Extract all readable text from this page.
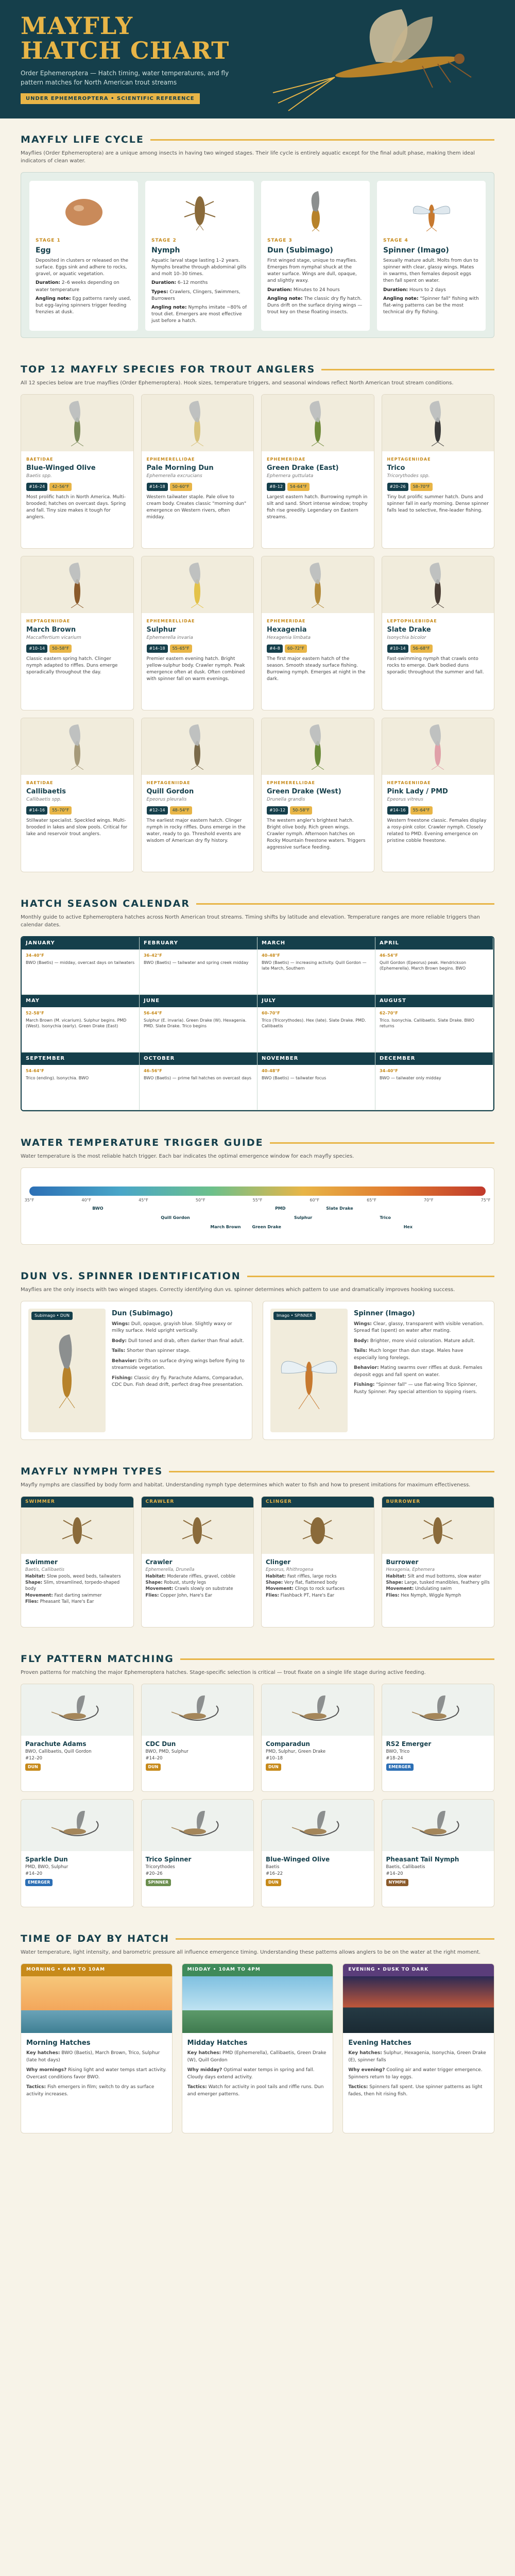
MAYFLY
HATCH CHART
Order Ephemeroptera — Hatch timing, water temperatures, and fly pattern matches for North American trout streams
UNDER EPHEMEROPTERA • SCIENTIFIC REFERENCE
MAYFLY LIFE CYCLE

Mayflies (Order Ephemeroptera) are a unique among insects in having two winged stages. Their life cycle is entirely aquatic except for the final adult phase, making them ideal indicators of clean water.

STAGE 1
Egg

Deposited in clusters or released on the surface. Eggs sink and adhere to rocks, gravel, or aquatic vegetation.

Duration: 2–6 weeks depending on water temperature

Angling note: Egg patterns rarely used, but egg-laying spinners trigger feeding frenzies at dusk.

STAGE 2
Nymph

Aquatic larval stage lasting 1–2 years. Nymphs breathe through abdominal gills and molt 10–30 times.

Duration: 6–12 months

Types: Crawlers, Clingers, Swimmers, Burrowers

Angling note: Nymphs imitate ~80% of trout diet. Emergers are most effective just before a hatch.

STAGE 3
Dun (Subimago)

First winged stage, unique to mayflies. Emerges from nymphal shuck at the water surface. Wings are dull, opaque, and slightly waxy.

Duration: Minutes to 24 hours

Angling note: The classic dry fly hatch. Duns drift on the surface drying wings — trout key on these floating insects.

STAGE 4
Spinner (Imago)

Sexually mature adult. Molts from dun to spinner with clear, glassy wings. Mates in swarms, then females deposit eggs then fall spent on water.

Duration: Hours to 2 days

Angling note: "Spinner fall" fishing with flat-wing patterns can be the most technical dry fly fishing.

TOP 12 MAYFLY SPECIES FOR TROUT ANGLERS

All 12 species below are true mayflies (Order Ephemeroptera). Hook sizes, temperature triggers, and seasonal windows reflect North American trout stream conditions.

BAETIDAE
Blue-Winged Olive
Baetis spp.
#16–24	42–56°F

Most prolific hatch in North America. Multi-brooded; hatches on overcast days. Spring and fall. Tiny size makes it tough for anglers.

EPHEMERELLIDAE
Pale Morning Dun
Ephemerella excrucians
#14–18	50–60°F

Western tailwater staple. Pale olive to cream body. Creates classic "morning dun" emergence on Western rivers, often midday.

EPHEMERIDAE
Green Drake (East)
Ephemera guttulata
#8–12	54–64°F

Largest eastern hatch. Burrowing nymph in silt and sand. Short intense window; trophy fish rise greedily. Legendary on Eastern streams.

HEPTAGENIIDAE
Trico
Tricorythodes spp.
#20–26	58–70°F

Tiny but prolific summer hatch. Duns and spinner fall in early morning. Dense spinner falls lead to selective, fine-leader fishing.

HEPTAGENIIDAE
March Brown
Maccaffertium vicarium
#10–14	50–58°F

Classic eastern spring hatch. Clinger nymph adapted to riffles. Duns emerge sporadically throughout the day.

EPHEMERELLIDAE
Sulphur
Ephemerella invaria
#14–18	55–65°F

Premier eastern evening hatch. Bright yellow-sulphur body. Crawler nymph. Peak emergence often at dusk. Often combined with spinner fall on warm evenings.

EPHEMERIDAE
Hexagenia
Hexagenia limbata
#4–8	60–72°F

The first major eastern hatch of the season. Smooth steady surface fishing. Burrowing nymph. Emerges at night in the dark.

LEPTOPHLEBIIDAE
Slate Drake
Isonychia bicolor
#10–14	56–68°F

Fast-swimming nymph that crawls onto rocks to emerge. Dark bodied duns sporadic throughout the summer and fall.

BAETIDAE
Callibaetis
Callibaetis spp.
#14–16	55–70°F

Stillwater specialist. Speckled wings. Multi-brooded in lakes and slow pools. Critical for lake and reservoir trout anglers.

HEPTAGENIIDAE
Quill Gordon
Epeorus pleuralis
#12–14	48–54°F

The earliest major eastern hatch. Clinger nymph in rocky riffles. Duns emerge in the water, ready to go. Threshold events are wisdom of American dry fly history.

EPHEMERELLIDAE
Green Drake (West)
Drunella grandis
#10–12	50–58°F

The western angler's brightest hatch. Bright olive body. Rich green wings. Crawler nymph. Afternoon hatches on Rocky Mountain freestone waters. Triggers aggressive surface feeding.

HEPTAGENIIDAE
Pink Lady / PMD
Epeorus vitreus
#14–16	55–64°F

Western freestone classic. Females display a rosy-pink color. Crawler nymph. Closely related to PMD. Evening emergence on pristine cobble freestone.

HATCH SEASON CALENDAR

Monthly guide to active Ephemeroptera hatches across North American trout streams. Timing shifts by latitude and elevation. Temperature ranges are more reliable triggers than calendar dates.

JANUARY
34–40°F
BWO (Baetis) — midday, overcast days on tailwaters
FEBRUARY
36–42°F
BWO (Baetis) — tailwater and spring creek midday
MARCH
40–48°F
BWO (Baetis) — increasing activity. Quill Gordon — late March, Southern
APRIL
46–54°F
Quill Gordon (Epeorus) peak. Hendrickson (Ephemerella). March Brown begins. BWO
MAY
52–58°F
March Brown (M. vicarium). Sulphur begins. PMD (West). Isonychia (early). Green Drake (East)
JUNE
56–64°F
Sulphur (E. invaria). Green Drake (W). Hexagenia. PMD. Slate Drake. Trico begins
JULY
60–70°F
Trico (Tricorythodes). Hex (late). Slate Drake. PMD. Callibaetis
AUGUST
62–70°F
Trico. Isonychia. Callibaetis. Slate Drake. BWO returns
SEPTEMBER
54–64°F
Trico (ending). Isonychia. BWO
OCTOBER
46–56°F
BWO (Baetis) — prime fall hatches on overcast days
NOVEMBER
40–48°F
BWO (Baetis) — tailwater focus
DECEMBER
34–40°F
BWO — tailwater only midday
WATER TEMPERATURE TRIGGER GUIDE

Water temperature is the most reliable hatch trigger. Each bar indicates the optimal emergence window for each mayfly species.

35°F	40°F	45°F	50°F	55°F	60°F	65°F	70°F	75°F
BWO
Quill Gordon
March Brown
PMD
Sulphur
Green Drake
Slate Drake
Trico
Hex
DUN VS. SPINNER IDENTIFICATION

Mayflies are the only insects with two winged stages. Correctly identifying dun vs. spinner determines which pattern to use and dramatically improves hooking success.

Subimago • DUN	Dun (Subimago)

Wings: Dull, opaque, grayish blue. Slightly waxy or milky surface. Held upright vertically.

Body: Dull toned and drab, often darker than final adult.

Tails: Shorter than spinner stage.

Behavior: Drifts on surface drying wings before flying to streamside vegetation.

Fishing: Classic dry fly. Parachute Adams, Comparadun, CDC Dun. Fish dead drift, perfect drag-free presentation.

Imago • SPINNER	Spinner (Imago)

Wings: Clear, glassy, transparent with visible venation. Spread flat (spent) on water after mating.

Body: Brighter, more vivid coloration. Mature adult.

Tails: Much longer than dun stage. Males have especially long forelegs.

Behavior: Mating swarms over riffles at dusk. Females deposit eggs and fall spent on water.

Fishing: "Spinner fall" — use flat-wing Trico Spinner, Rusty Spinner. Pay special attention to sipping risers.

MAYFLY NYMPH TYPES

Mayfly nymphs are classified by body form and habitat. Understanding nymph type determines which water to fish and how to present imitations for maximum effectiveness.

SWIMMER
Swimmer
Baetis, Callibaetis

Habitat: Slow pools, weed beds, tailwaters

Shape: Slim, streamlined, torpedo-shaped body

Movement: Fast darting swimmer

Flies: Pheasant Tail, Hare's Ear

CRAWLER
Crawler
Ephemerella, Drunella

Habitat: Moderate riffles, gravel, cobble

Shape: Robust, sturdy legs

Movement: Crawls slowly on substrate

Flies: Copper John, Hare's Ear

CLINGER
Clinger
Epeorus, Rhithrogena

Habitat: Fast riffles, large rocks

Shape: Very flat, flattened body

Movement: Clings to rock surfaces

Flies: Flashback PT, Hare's Ear

BURROWER
Burrower
Hexagenia, Ephemera

Habitat: Silt and mud bottoms, slow water

Shape: Large, tusked mandibles, feathery gills

Movement: Undulating swim

Flies: Hex Nymph, Wiggle Nymph

FLY PATTERN MATCHING

Proven patterns for matching the major Ephemeroptera hatches. Stage-specific selection is critical — trout fixate on a single life stage during active feeding.

Parachute Adams
BWO, Callibaetis, Quill Gordon
#12–20
DUN
CDC Dun
BWO, PMD, Sulphur
#14–20
DUN
Comparadun
PMD, Sulphur, Green Drake
#10–18
DUN
RS2 Emerger
BWO, Trico
#18–24
EMERGER
Sparkle Dun
PMD, BWO, Sulphur
#14–20
EMERGER
Trico Spinner
Tricorythodes
#20–26
SPINNER
Blue-Winged Olive
Baetis
#16–22
DUN
Pheasant Tail Nymph
Baetis, Callibaetis
#14–20
NYMPH
TIME OF DAY BY HATCH

Water temperature, light intensity, and barometric pressure all influence emergence timing. Understanding these patterns allows anglers to be on the water at the right moment.

MORNING • 6AM TO 10AM
Morning Hatches

Key hatches: BWO (Baetis), March Brown, Trico, Sulphur (late hot days)

Why mornings? Rising light and water temps start activity. Overcast conditions favor BWO.

Tactics: Fish emergers in film; switch to dry as surface activity increases.

MIDDAY • 10AM TO 4PM
Midday Hatches

Key hatches: PMD (Ephemerella), Callibaetis, Green Drake (W), Quill Gordon

Why midday? Optimal water temps in spring and fall. Cloudy days extend activity.

Tactics: Watch for activity in pool tails and riffle runs. Dun and emerger patterns.

EVENING • DUSK TO DARK
Evening Hatches

Key hatches: Sulphur, Hexagenia, Isonychia, Green Drake (E), spinner falls

Why evening? Cooling air and water trigger emergence. Spinners return to lay eggs.

Tactics: Spinners fall spent. Use spinner patterns as light fades, then hit rising fish.
